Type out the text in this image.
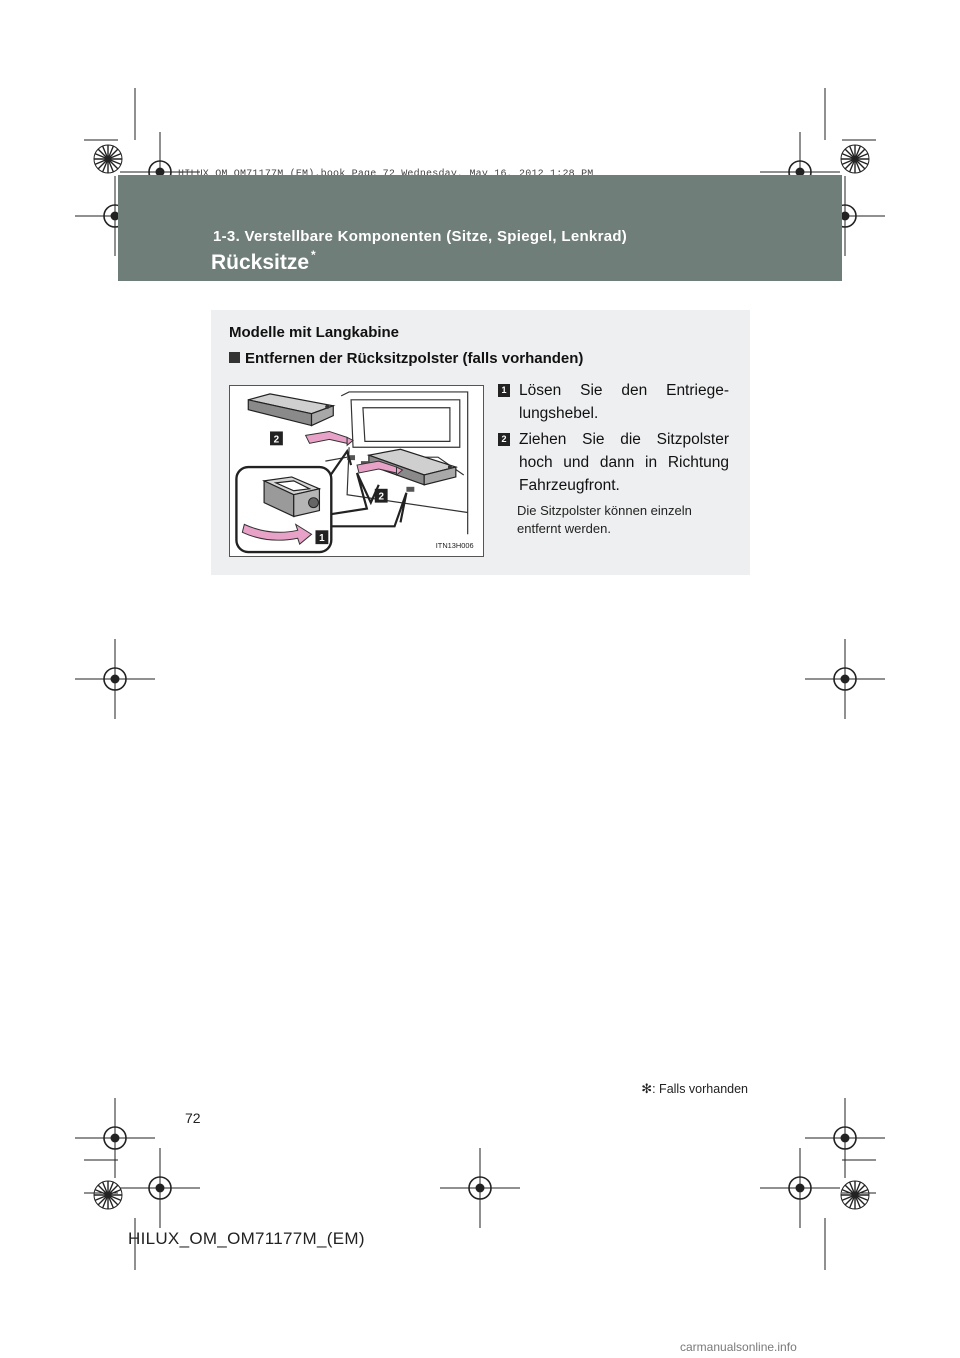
1-3. Verstellbare Komponenten (Sitze, Spiegel, Lenkrad)
Rücksitze *
Modelle mit Langkabine
Entfernen der Rücksitzpolster (falls vorhanden)
2
2
1
ITN13H006
1 Lösen Sie den Entriege-lungshebel.
2 Ziehen Sie die Sitzpolster hoch und dann in Richtung Fahrzeugfront.
Die Sitzpolster können einzeln entfernt werden.
✻: Falls vorhanden
72
HILUX_OM_OM71177M_(EM)
carmanualsonline.info
